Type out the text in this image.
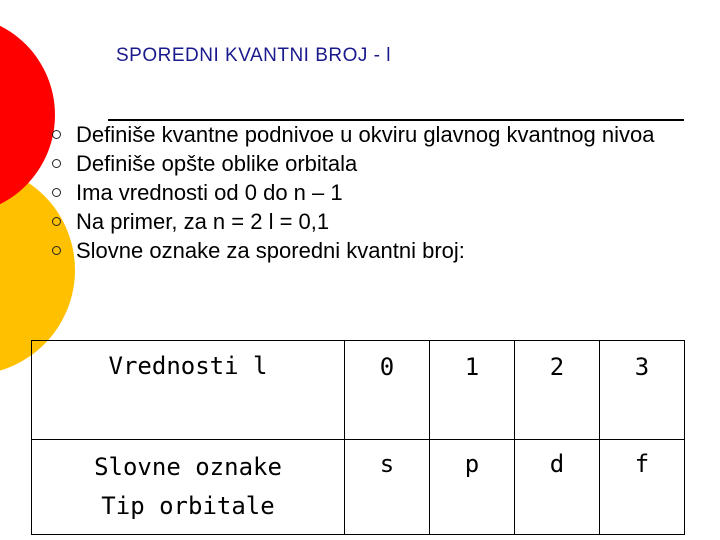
SPOREDNI KVANTNI BROJ - l
Definiše kvantne podnivoe u okviru glavnog kvantnog nivoa
Definiše opšte oblike orbitala
Ima vrednosti od 0 do n – 1
Na primer, za n = 2 l = 0,1
Slovne oznake za sporedni kvantni broj:
Vrednosti l	0	1	2	3

Slovne oznake
Tip orbitale	s	p	d	f
